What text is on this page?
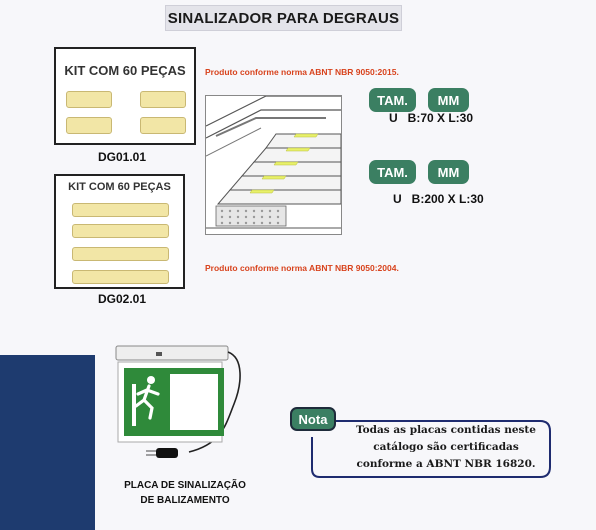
SINALIZADOR PARA DEGRAUS
KIT COM 60 PEÇAS
DG01.01
KIT COM 60 PEÇAS
DG02.01
Produto conforme norma ABNT NBR 9050:2015.
Produto conforme norma ABNT NBR 9050:2004.
TAM.	MM
U   B:70 X L:30
TAM.	MM
U   B:200 X L:30
PLACA DE SINALIZAÇÃO
DE BALIZAMENTO
Nota
Todas as placas contidas neste
catálogo são certificadas
conforme a ABNT NBR 16820.
